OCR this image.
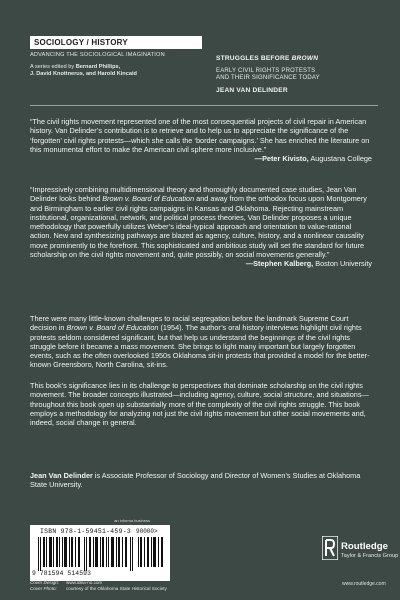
SOCIOLOGY / HISTORY
ADVANCING THE SOCIOLOGICAL IMAGINATION
A series edited by Bernard Phillips,
J. David Knottnerus, and Harold Kincaid
STRUGGLES BEFORE BROWN
EARLY CIVIL RIGHTS PROTESTS
AND THEIR SIGNIFICANCE TODAY
JEAN VAN DELINDER

“The civil rights movement represented one of the most consequential projects of civil repair in American history. Van Delinder’s contribution is to retrieve and to help us to appreciate the significance of the ‘forgotten’ civil rights protests—which she calls the ‘border campaigns.’ She has enriched the literature on this monumental effort to make the American civil sphere more inclusive.”

—Peter Kivisto, Augustana College

“Impressively combining multidimensional theory and thoroughly documented case studies, Jean Van Delinder looks behind Brown v. Board of Education and away from the orthodox focus upon Montgomery and Birmingham to earlier civil rights campaigns in Kansas and Oklahoma. Rejecting mainstream institutional, organizational, network, and political process theories, Van Delinder proposes a unique methodology that powerfully utilizes Weber’s ideal-typical approach and orientation to value-rational action. New and synthesizing pathways are blazed as agency, culture, history, and a nonlinear causality move prominently to the forefront. This sophisticated and ambitious study will set the standard for future scholarship on the civil rights movement and, quite possibly, on social movements generally.”

—Stephen Kalberg, Boston University

There were many little-known challenges to racial segregation before the landmark Supreme Court decision in Brown v. Board of Education (1954). The author’s oral history interviews highlight civil rights protests seldom considered significant, but that help us understand the beginnings of the civil rights struggle before it became a mass movement. She brings to light many important but largely forgotten events, such as the often overlooked 1950s Oklahoma sit-in protests that provided a model for the better-known Greensboro, North Carolina, sit-ins.

This book’s significance lies in its challenge to perspectives that dominate scholarship on the civil rights movement. The broader concepts illustrated—including agency, culture, social structure, and situations—throughout this book open up substantially more of the complexity of the civil rights struggle. This book employs a methodology for analyzing not just the civil rights movement but other social movements and, indeed, social change in general.

Jean Van Delinder is Associate Professor of Sociology and Director of Women’s Studies at Oklahoma State University.

an informa business
ISBN 978-1-59451-459-3 90000>
9 781594 514593
Cover Design: www.idea-no.com
Cover Photo: courtesy of the Oklahoma State Historical Society
Routledge
Taylor & Francis Group
www.routledge.com
